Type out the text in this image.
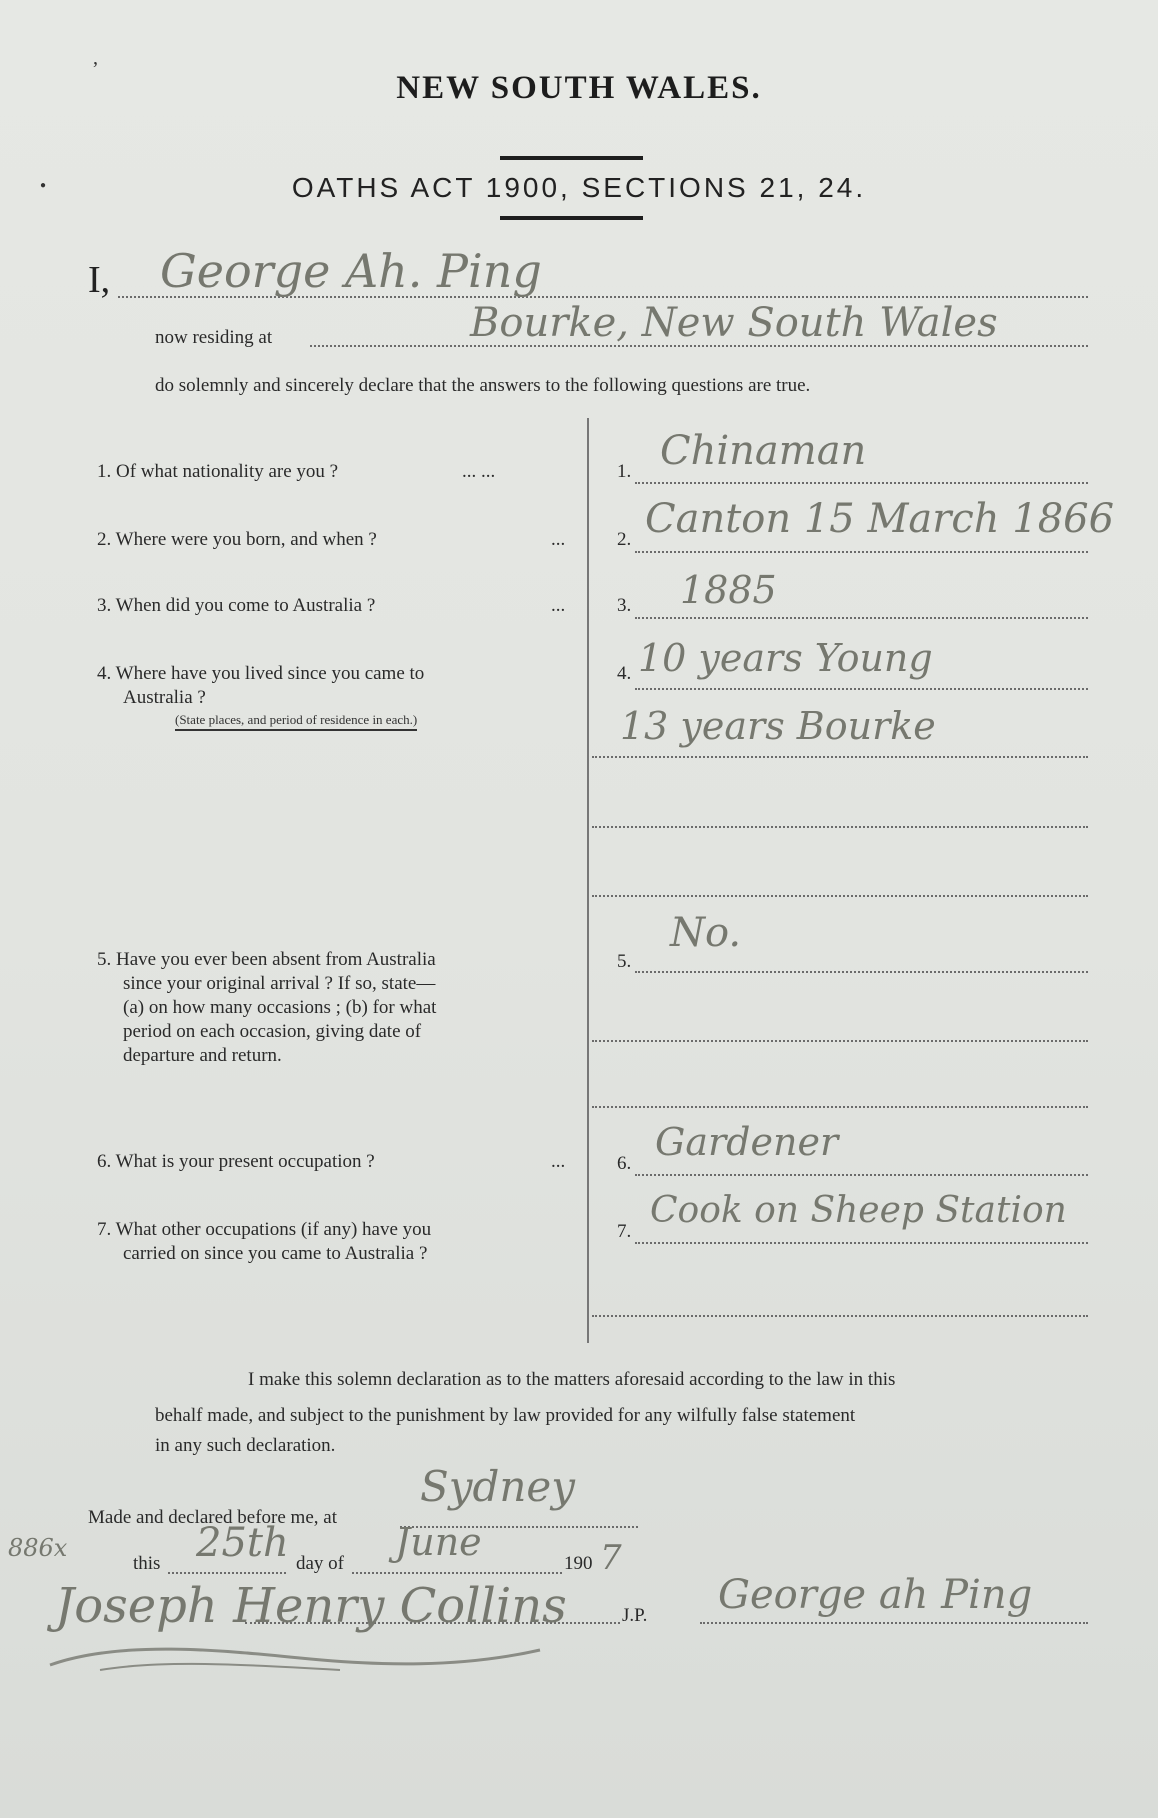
’
●
NEW SOUTH WALES.
OATHS ACT 1900, SECTIONS 21, 24.
I, George Ah. Ping
now residing at	Bourke, New South Wales
do solemnly and sincerely declare that the answers to the following questions are true.
1. Of what nationality are you ?	... ...	1. Chinaman
2. Where were you born, and when ?	...	2. Canton 15 March 1866
3. When did you come to Australia ?	...	3. 1885
4. Where have you lived since you came to
Australia ?
(State places, and period of residence in each.)
4. 10 years Young
13 years Bourke
5. Have you ever been absent from Australia
since your original arrival ? If so, state—
(a) on how many occasions ; (b) for what
period on each occasion, giving date of
departure and return.
5.
No.
6. What is your present occupation ?	...	6. Gardener
7. What other occupations (if any) have you
carried on since you came to Australia ?
7.
Cook on Sheep Station
I make this solemn declaration as to the matters aforesaid according to the law in this
behalf made, and subject to the punishment by law provided for any wilfully false statement
in any such declaration.
Made and declared before me, at
Sydney
886x
this 25th day of June	190 7
Joseph Henry Collins	J.P. George ah Ping
